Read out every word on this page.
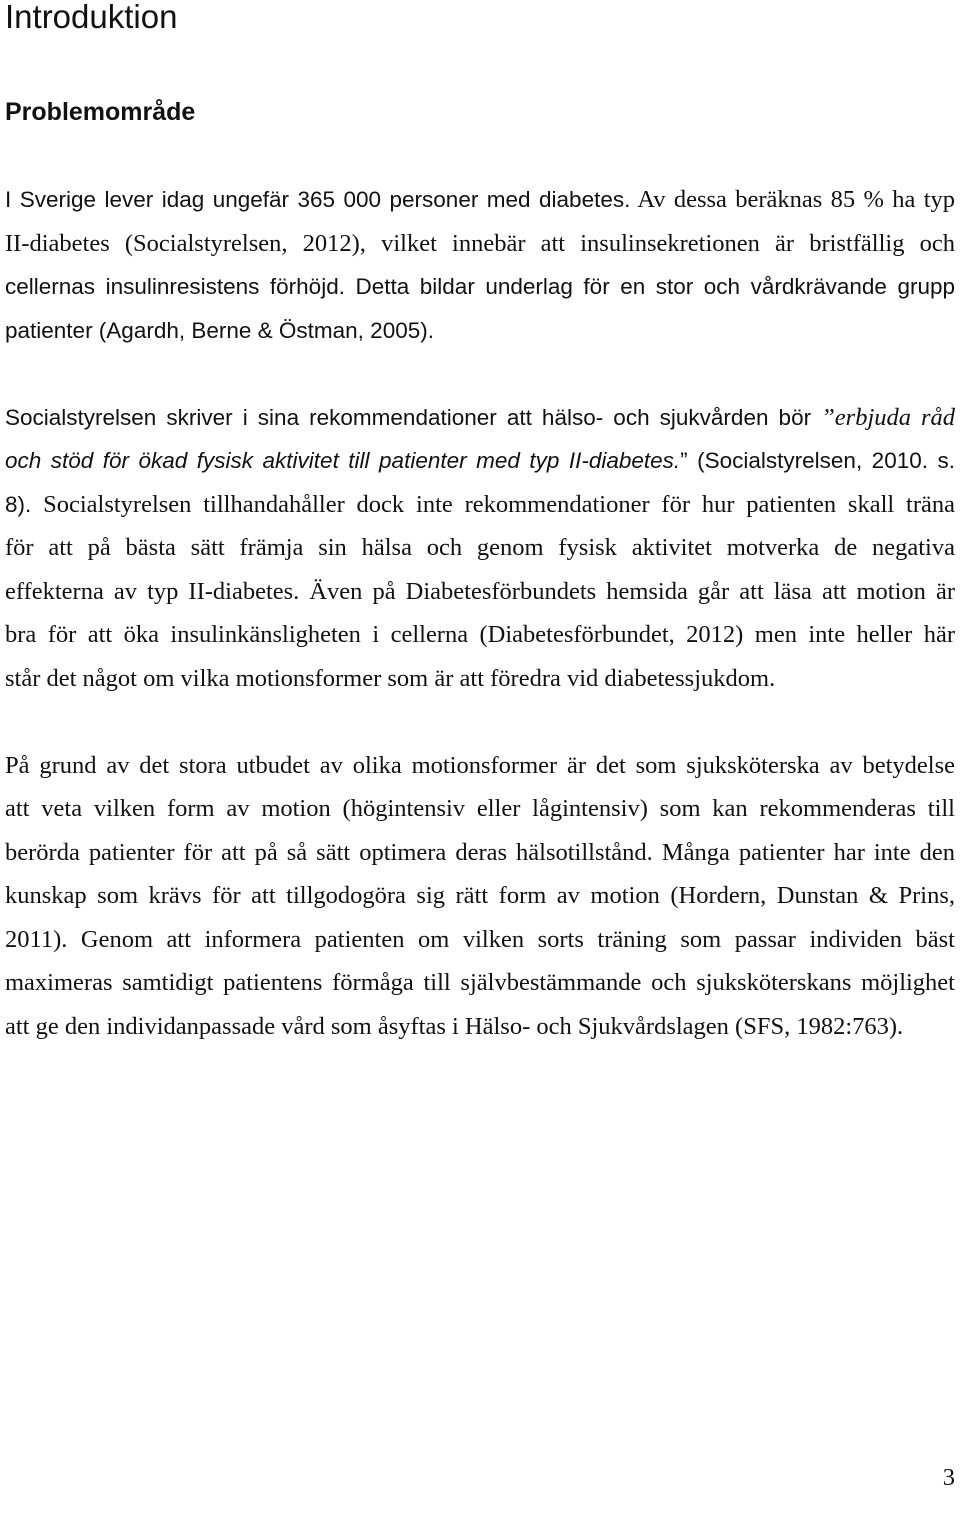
Introduktion
Problemområde
I Sverige lever idag ungefär 365 000 personer med diabetes. Av dessa beräknas 85 % ha typ
II-diabetes (Socialstyrelsen, 2012), vilket innebär att insulinsekretionen är bristfällig och
cellernas insulinresistens förhöjd. Detta bildar underlag för en stor och vårdkrävande grupp
patienter (Agardh, Berne & Östman, 2005).
Socialstyrelsen skriver i sina rekommendationer att hälso- och sjukvården bör ”erbjuda råd
och stöd för ökad fysisk aktivitet till patienter med typ II-diabetes.” (Socialstyrelsen, 2010. s.
8). Socialstyrelsen tillhandahåller dock inte rekommendationer för hur patienten skall träna
för att på bästa sätt främja sin hälsa och genom fysisk aktivitet motverka de negativa
effekterna av typ II-diabetes. Även på Diabetesförbundets hemsida går att läsa att motion är
bra för att öka insulinkänsligheten i cellerna (Diabetesförbundet, 2012) men inte heller här
står det något om vilka motionsformer som är att föredra vid diabetessjukdom.
På grund av det stora utbudet av olika motionsformer är det som sjuksköterska av betydelse
att veta vilken form av motion (högintensiv eller lågintensiv) som kan rekommenderas till
berörda patienter för att på så sätt optimera deras hälsotillstånd. Många patienter har inte den
kunskap som krävs för att tillgodogöra sig rätt form av motion (Hordern, Dunstan & Prins,
2011). Genom att informera patienten om vilken sorts träning som passar individen bäst
maximeras samtidigt patientens förmåga till självbestämmande och sjuksköterskans möjlighet
att ge den individanpassade vård som åsyftas i Hälso- och Sjukvårdslagen (SFS, 1982:763).
3
